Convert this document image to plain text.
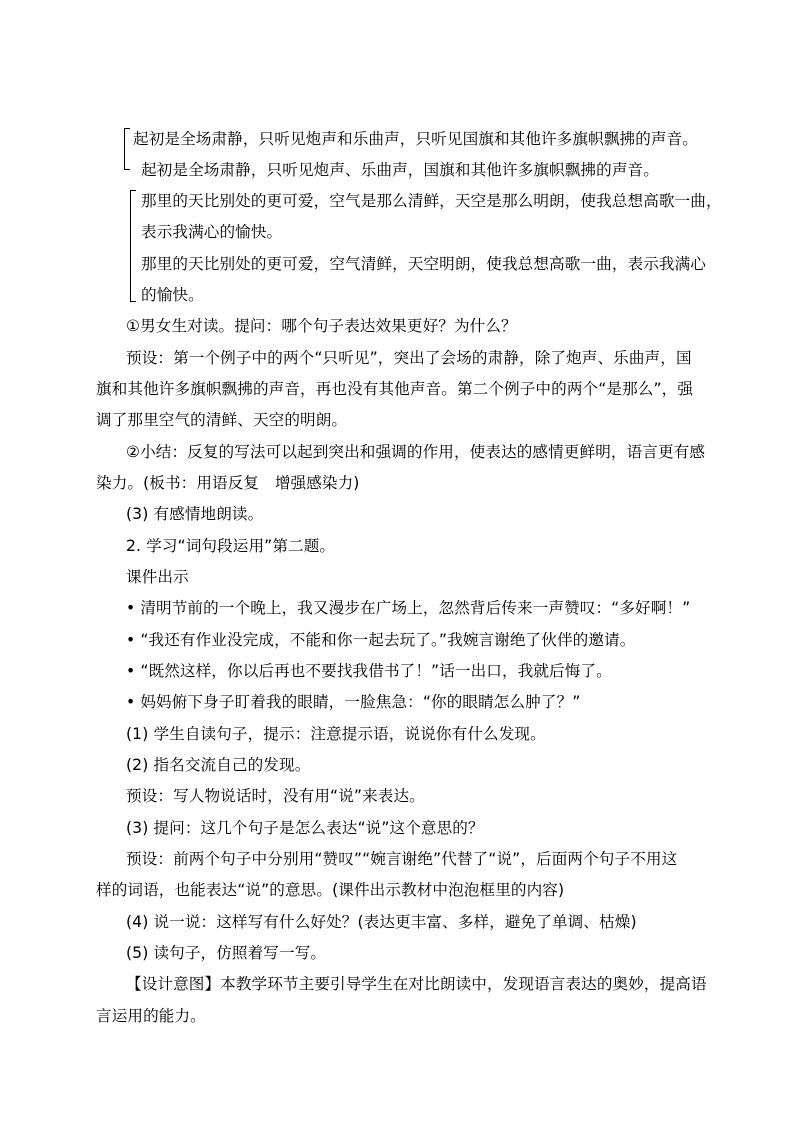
起初是全场肃静，只听见炮声和乐曲声，只听见国旗和其他许多旗帜飘拂的声音。
起初是全场肃静，只听见炮声、乐曲声，国旗和其他许多旗帜飘拂的声音。
那里的天比别处的更可爱，空气是那么清鲜，天空是那么明朗，使我总想高歌一曲，
表示我满心的愉快。
那里的天比别处的更可爱，空气清鲜，天空明朗，使我总想高歌一曲，表示我满心
的愉快。
①男女生对读。提问：哪个句子表达效果更好？为什么？
预设：第一个例子中的两个“只听见”，突出了会场的肃静，除了炮声、乐曲声，国
旗和其他许多旗帜飘拂的声音，再也没有其他声音。第二个例子中的两个“是那么”，强
调了那里空气的清鲜、天空的明朗。
②小结：反复的写法可以起到突出和强调的作用，使表达的感情更鲜明，语言更有感
染力。(板书：用语反复　增强感染力)
(3) 有感情地朗读。
2. 学习“词句段运用”第二题。
课件出示
• 清明节前的一个晚上，我又漫步在广场上，忽然背后传来一声赞叹：“多好啊！”
• “我还有作业没完成，不能和你一起去玩了。”我婉言谢绝了伙伴的邀请。
• “既然这样，你以后再也不要找我借书了！”话一出口，我就后悔了。
• 妈妈俯下身子盯着我的眼睛，一脸焦急：“你的眼睛怎么肿了？”
(1) 学生自读句子，提示：注意提示语，说说你有什么发现。
(2) 指名交流自己的发现。
预设：写人物说话时，没有用“说”来表达。
(3) 提问：这几个句子是怎么表达“说”这个意思的？
预设：前两个句子中分别用“赞叹”“婉言谢绝”代替了“说”，后面两个句子不用这
样的词语，也能表达“说”的意思。(课件出示教材中泡泡框里的内容)
(4) 说一说：这样写有什么好处？(表达更丰富、多样，避免了单调、枯燥)
(5) 读句子，仿照着写一写。
【设计意图】本教学环节主要引导学生在对比朗读中，发现语言表达的奥妙，提高语
言运用的能力。
